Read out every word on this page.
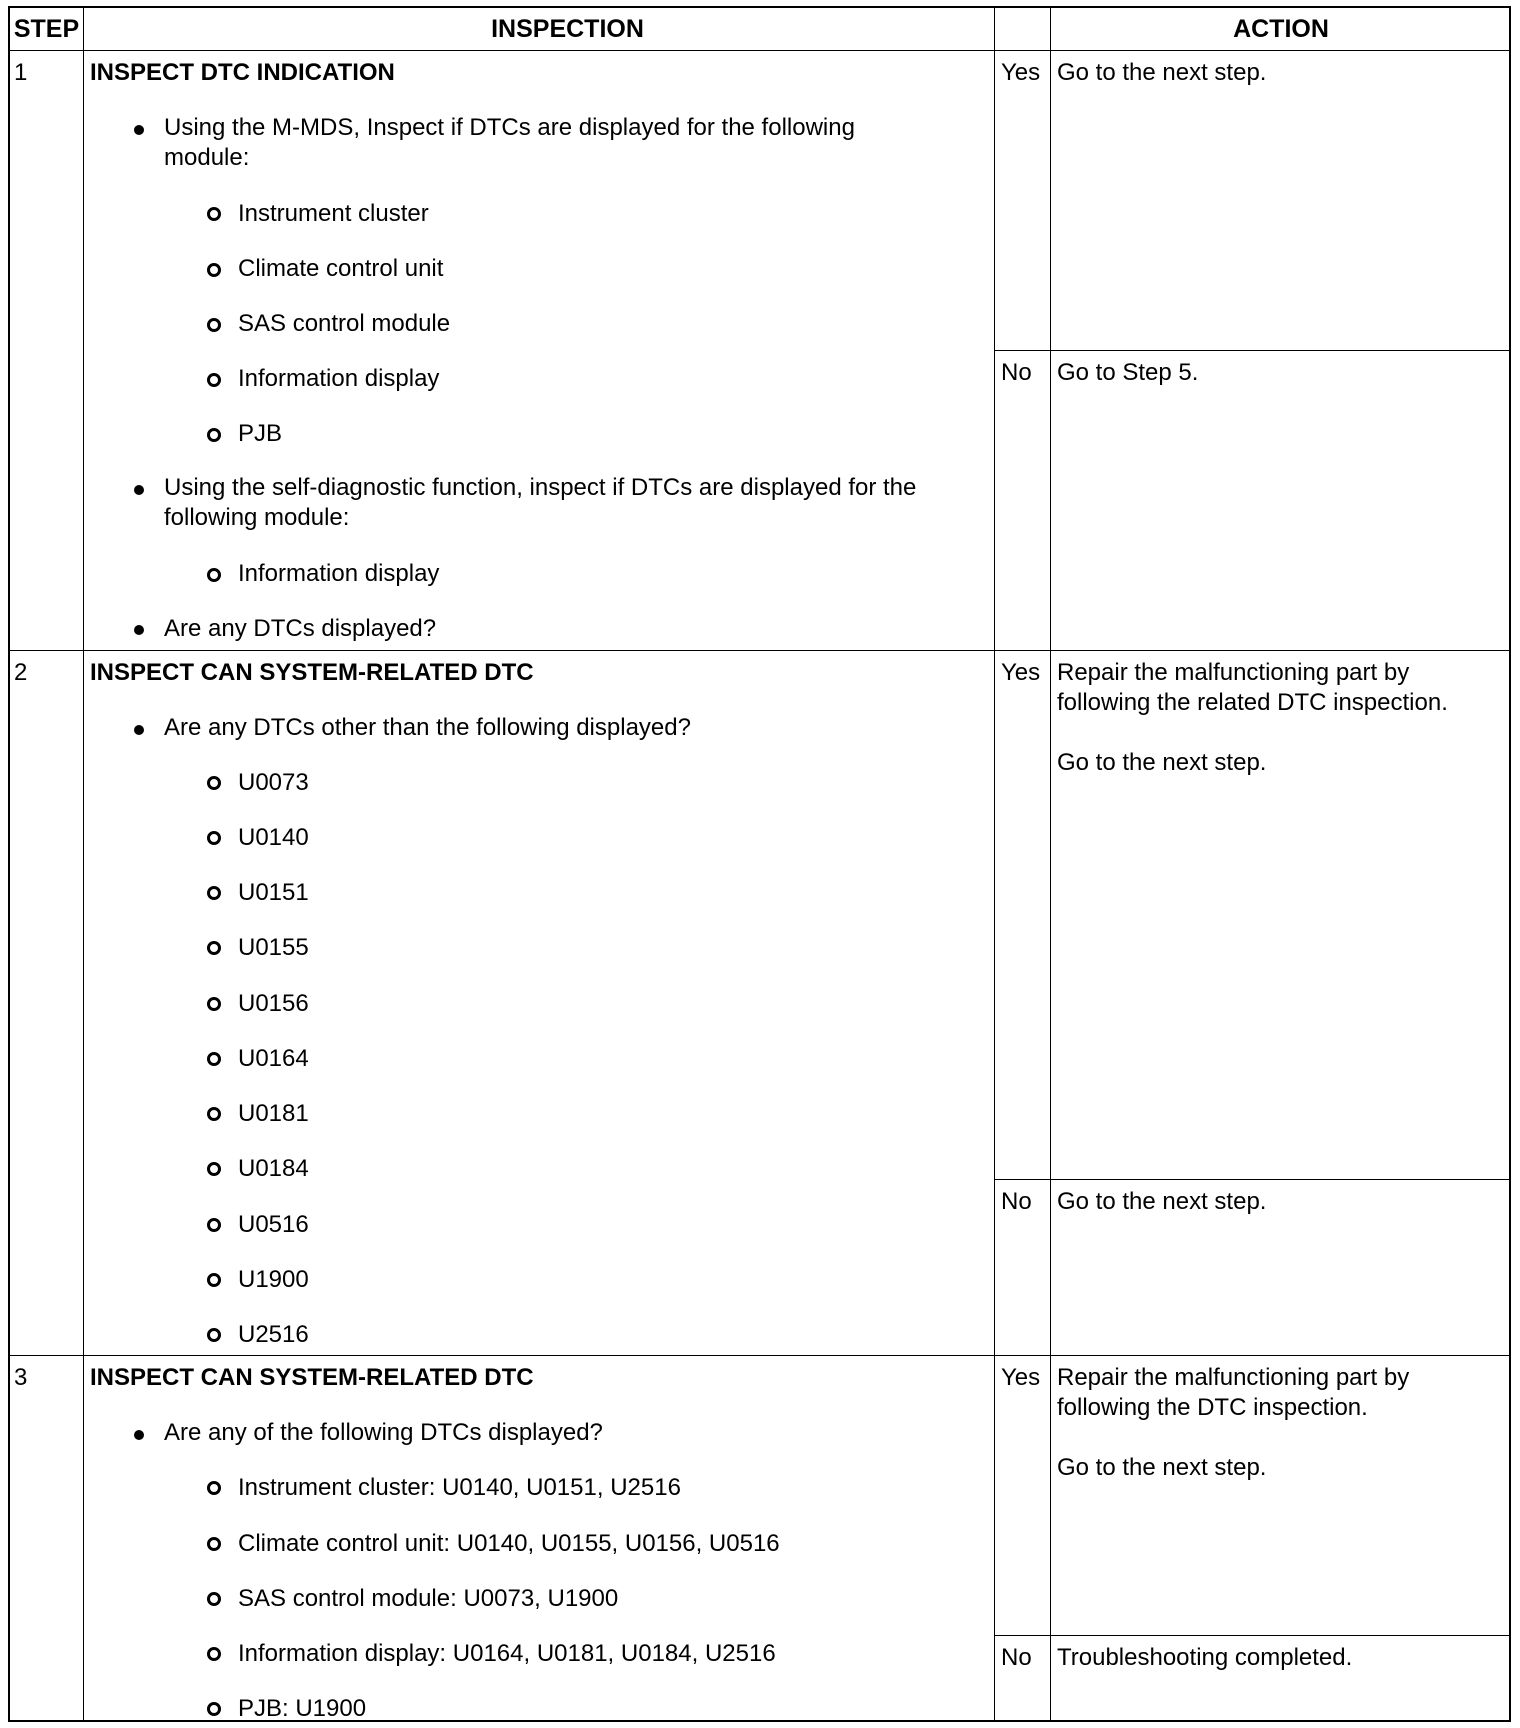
STEP	INSPECTION	ACTION
1	INSPECT DTC INDICATION
Using the M-MDS, Inspect if DTCs are displayed for the following module:
Instrument cluster
Climate control unit
SAS control module
Information display
PJB
Using the self-diagnostic function, inspect if DTCs are displayed for the following module:
Information display
Are any DTCs displayed?
Yes Go to the next step.
No Go to Step 5.
2	INSPECT CAN SYSTEM-RELATED DTC
Are any DTCs other than the following displayed?
U0073
U0140
U0151
U0155
U0156
U0164
U0181
U0184
U0516
U1900
U2516
Yes Repair the malfunctioning part by following the related DTC inspection.
Go to the next step.
No Go to the next step.
3	INSPECT CAN SYSTEM-RELATED DTC
Are any of the following DTCs displayed?
Instrument cluster: U0140, U0151, U2516
Climate control unit: U0140, U0155, U0156, U0516
SAS control module: U0073, U1900
Information display: U0164, U0181, U0184, U2516
PJB: U1900
Yes Repair the malfunctioning part by following the DTC inspection.
Go to the next step.
No Troubleshooting completed.
